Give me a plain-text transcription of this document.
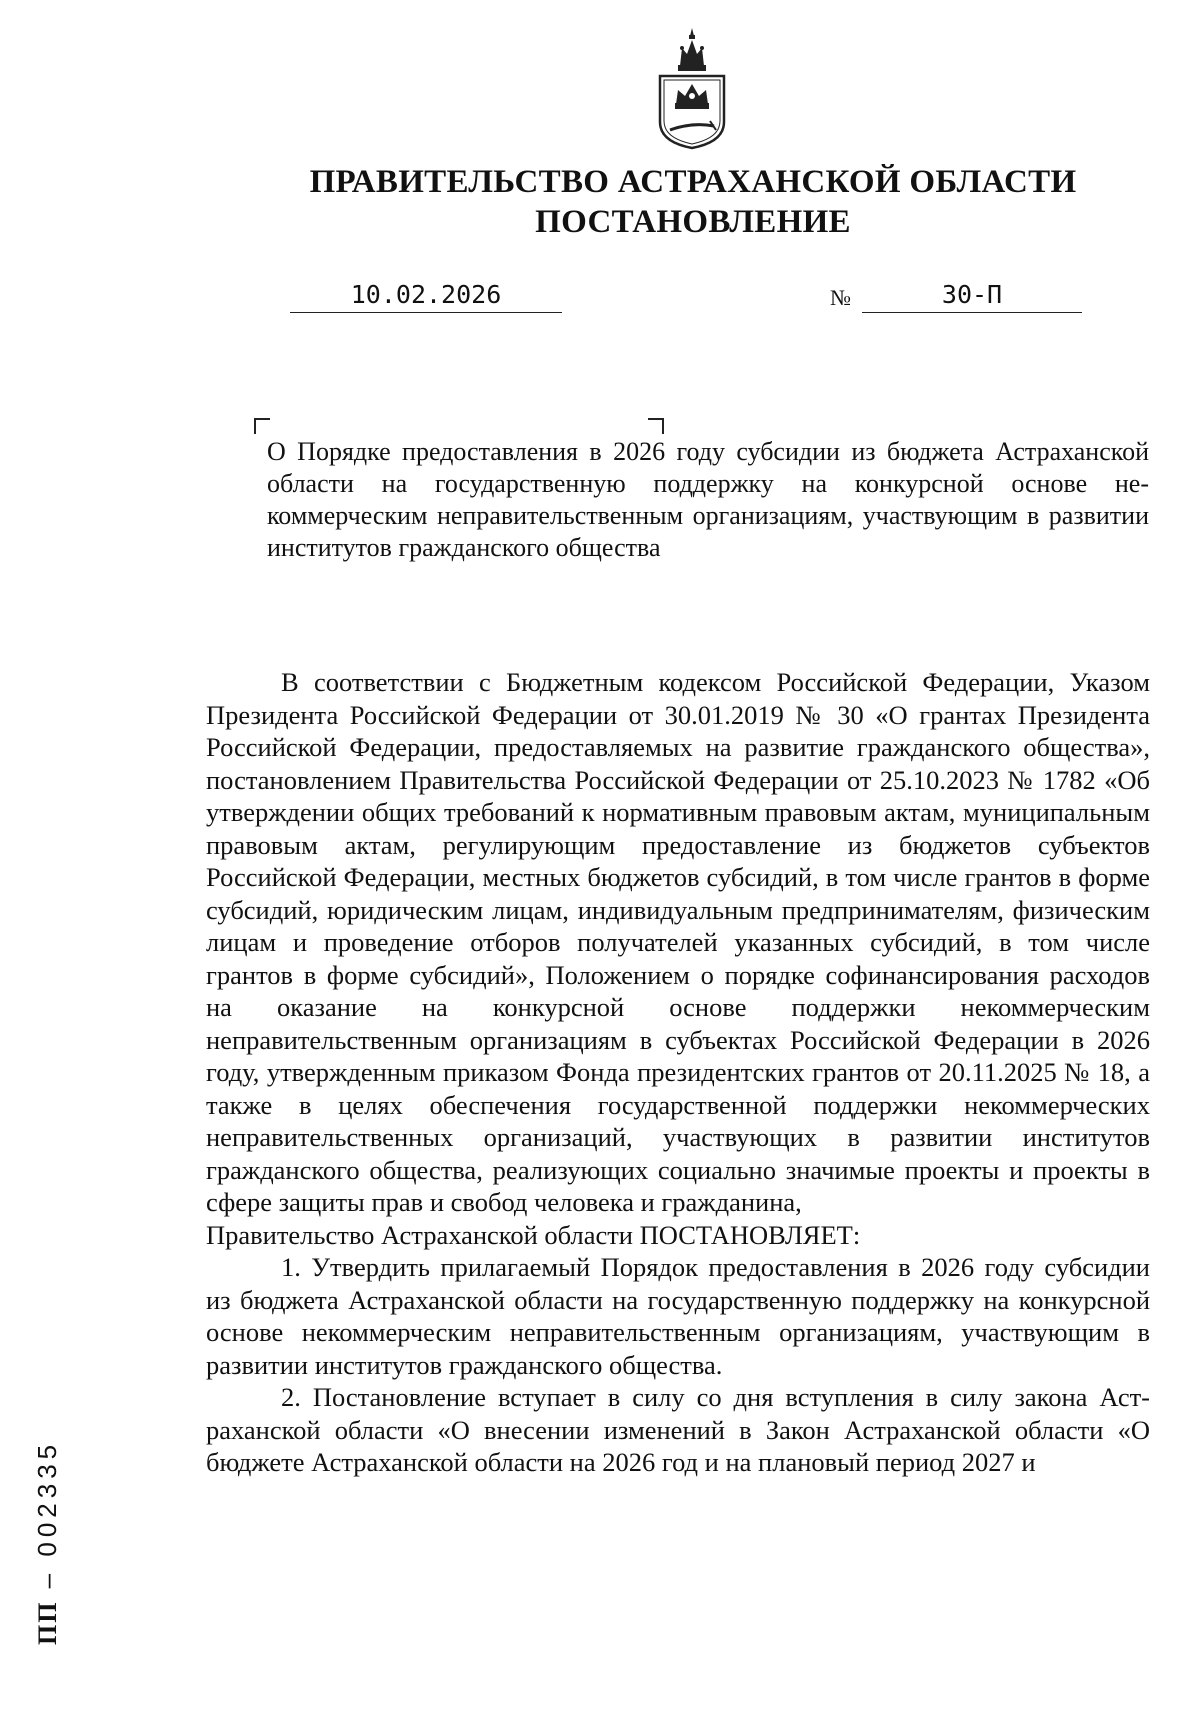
ПРАВИТЕЛЬСТВО АСТРАХАНСКОЙ ОБЛАСТИ
ПОСТАНОВЛЕНИЕ
10.02.2026	№	30-П

О Порядке предоставления в 2026 году субсидии из бюджета Астраханской области на государственную поддержку на конкурсной основе некоммерческим неправительственным организациям, участвующим в развитии институтов гражданского общества

В соответствии с Бюджетным кодексом Российской Федерации, Указом Президента Российской Федерации от 30.01.2019 № 30 «О грантах Президента Российской Федерации, предоставляемых на развитие гражданского общества», постановлением Правительства Российской Федерации от 25.10.2023 № 1782 «Об утверждении общих требований к нормативным правовым актам, муниципальным правовым актам, регулирующим предоставление из бюджетов субъектов Российской Федерации, местных бюджетов субсидий, в том числе грантов в форме субсидий, юридическим лицам, индивидуальным предпринимателям, физическим лицам и проведение отборов получателей указанных субсидий, в том числе грантов в форме субсидий», Положением о порядке софинансирования расходов на оказание на конкурсной основе поддержки некоммерческим неправительственным организациям в субъектах Российской Федерации в 2026 году, утвержденным приказом Фонда президентских грантов от 20.11.2025 № 18, а также в целях обеспечения государственной поддержки некоммерческих неправительственных организаций, участвующих в развитии институтов гражданского общества, реализующих социально значимые проекты и проекты в сфере защиты прав и свобод человека и гражданина,

Правительство Астраханской области ПОСТАНОВЛЯЕТ:

1. Утвердить прилагаемый Порядок предоставления в 2026 году субсидии из бюджета Астраханской области на государственную поддержку на конкурсной основе некоммерческим неправительственным организациям, участвующим в развитии институтов гражданского общества.

2. Постановление вступает в силу со дня вступления в силу закона Астраханской области «О внесении изменений в Закон Астраханской области «О бюджете Астраханской области на 2026 год и на плановый период 2027 и

ПП – 002335
